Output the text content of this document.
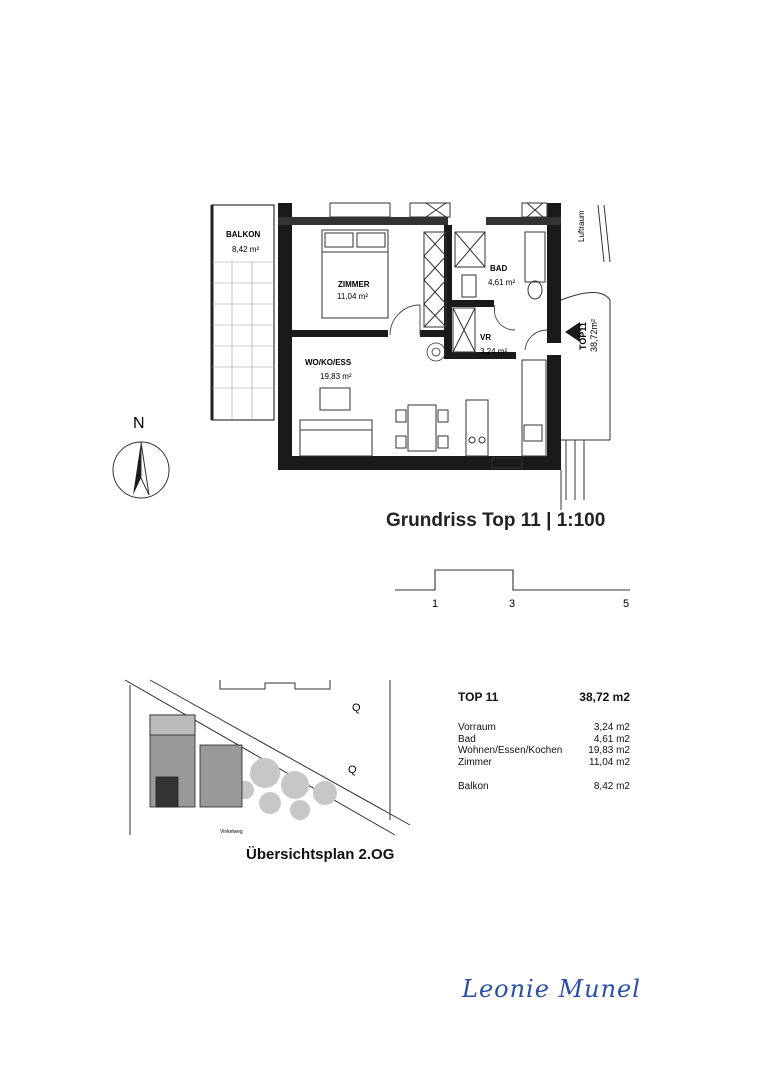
BALKON
8,42 m²
ZIMMER
11,04 m²
BAD
4,61 m²
VR
3,24 m²
WO/KO/ESS
19,83 m²
Luftraum
TOP11 38,72m²
N
Grundriss Top 11 | 1:100
1	3	5
Vinkelweg
Q
Q
Übersichtsplan 2.OG
TOP 11	38,72 m2
Vorraum	3,24 m2
Bad	4,61 m2
Wohnen/Essen/Kochen	19,83 m2
Zimmer	11,04 m2
Balkon	8,42 m2
Leonie Munel
